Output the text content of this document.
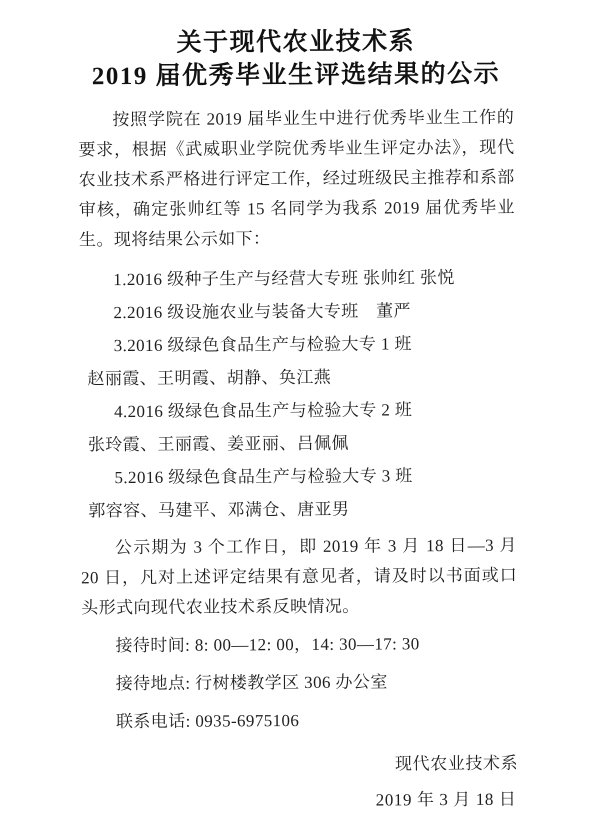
关于现代农业技术系
2019 届优秀毕业生评选结果的公示

按照学院在 2019 届毕业生中进行优秀毕业生工作的要求，根据《武威职业学院优秀毕业生评定办法》，现代农业技术系严格进行评定工作，经过班级民主推荐和系部审核，确定张帅红等 15 名同学为我系 2019 届优秀毕业生。现将结果公示如下：

1.2016 级种子生产与经营大专班 张帅红 张悦
2.2016 级设施农业与装备大专班　董严
3.2016 级绿色食品生产与检验大专 1 班
赵丽霞、王明霞、胡静、奂江燕
4.2016 级绿色食品生产与检验大专 2 班
张玲霞、王丽霞、姜亚丽、吕佩佩
5.2016 级绿色食品生产与检验大专 3 班
郭容容、马建平、邓满仓、唐亚男

公示期为 3 个工作日，即 2019 年 3 月 18 日—3 月 20 日，凡对上述评定结果有意见者，请及时以书面或口头形式向现代农业技术系反映情况。

接待时间: 8: 00—12: 00，14: 30—17: 30
接待地点: 行树楼教学区 306 办公室
联系电话: 0935-6975106
现代农业技术系
2019 年 3 月 18 日
